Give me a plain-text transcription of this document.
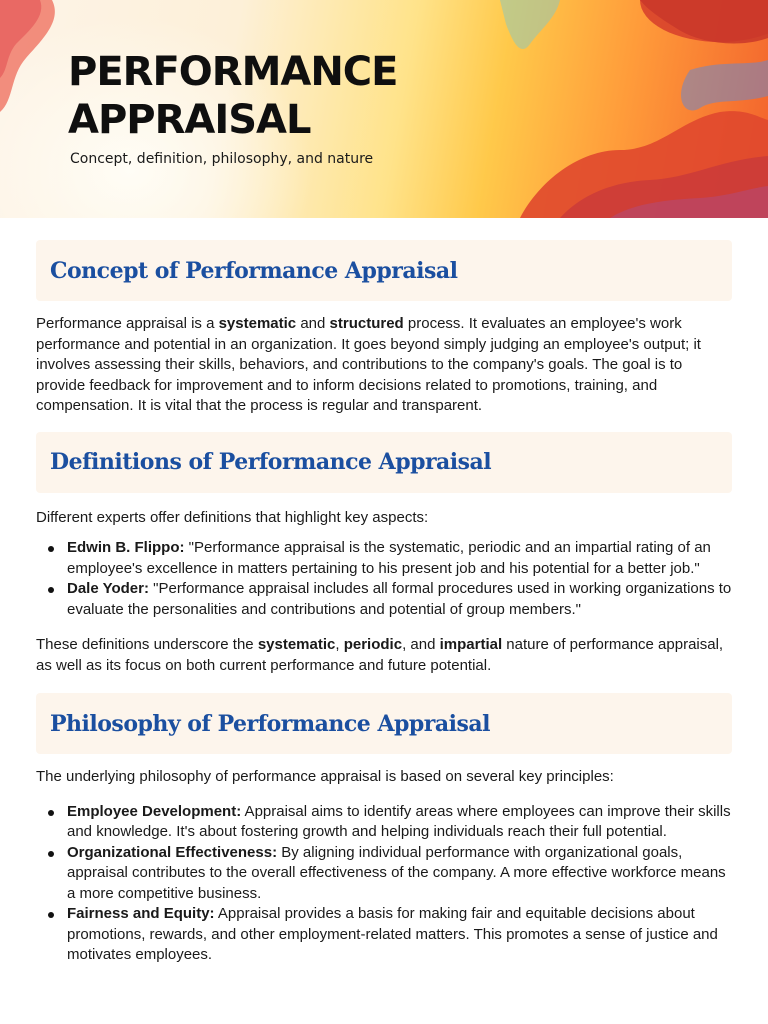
PERFORMANCE
APPRAISAL

Concept, definition, philosophy, and nature

Concept of Performance Appraisal

Performance appraisal is a systematic and structured process. It evaluates an employee's work performance and potential in an organization. It goes beyond simply judging an employee's output; it involves assessing their skills, behaviors, and contributions to the company's goals. The goal is to provide feedback for improvement and to inform decisions related to promotions, training, and compensation. It is vital that the process is regular and transparent.

Definitions of Performance Appraisal

Different experts offer definitions that highlight key aspects:

Edwin B. Flippo: "Performance appraisal is the systematic, periodic and an impartial rating of an employee's excellence in matters pertaining to his present job and his potential for a better job."
Dale Yoder: "Performance appraisal includes all formal procedures used in working organizations to evaluate the personalities and contributions and potential of group members."

These definitions underscore the systematic, periodic, and impartial nature of performance appraisal, as well as its focus on both current performance and future potential.

Philosophy of Performance Appraisal

The underlying philosophy of performance appraisal is based on several key principles:

Employee Development: Appraisal aims to identify areas where employees can improve their skills and knowledge. It's about fostering growth and helping individuals reach their full potential.
Organizational Effectiveness: By aligning individual performance with organizational goals, appraisal contributes to the overall effectiveness of the company. A more effective workforce means a more competitive business.
Fairness and Equity: Appraisal provides a basis for making fair and equitable decisions about promotions, rewards, and other employment-related matters. This promotes a sense of justice and motivates employees.
